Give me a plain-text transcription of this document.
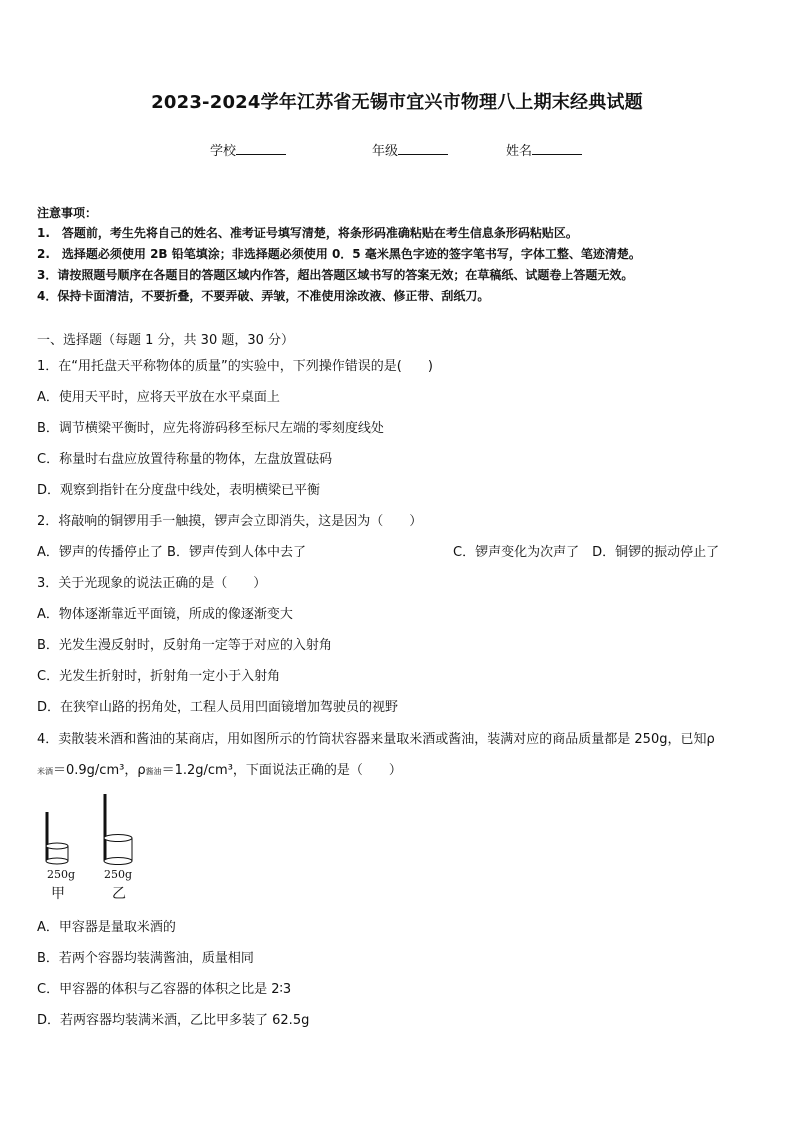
2023-2024学年江苏省无锡市宜兴市物理八上期末经典试题
学校	年级	姓名
注意事项：
1.　答题前，考生先将自己的姓名、准考证号填写清楚，将条形码准确粘贴在考生信息条形码粘贴区。
2.　选择题必须使用 2B 铅笔填涂；非选择题必须使用 0．5 毫米黑色字迹的签字笔书写，字体工整、笔迹清楚。
3．请按照题号顺序在各题目的答题区域内作答，超出答题区域书写的答案无效；在草稿纸、试题卷上答题无效。
4．保持卡面清洁，不要折叠，不要弄破、弄皱，不准使用涂改液、修正带、刮纸刀。
一、选择题（每题 1 分，共 30 题，30 分）
1．在“用托盘天平称物体的质量”的实验中，下列操作错误的是(　　)
A．使用天平时，应将天平放在水平桌面上
B．调节横梁平衡时，应先将游码移至标尺左端的零刻度线处
C．称量时右盘应放置待称量的物体，左盘放置砝码
D．观察到指针在分度盘中线处，表明横梁已平衡
2．将敲响的铜锣用手一触摸，锣声会立即消失，这是因为（　　）
A．锣声的传播停止了 B．锣声传到人体中去了	C．锣声变化为次声了　D．铜锣的振动停止了
3．关于光现象的说法正确的是（　　）
A．物体逐渐靠近平面镜，所成的像逐渐变大
B．光发生漫反射时，反射角一定等于对应的入射角
C．光发生折射时，折射角一定小于入射角
D．在狭窄山路的拐角处，工程人员用凹面镜增加驾驶员的视野
4．卖散装米酒和酱油的某商店，用如图所示的竹筒状容器来量取米酒或酱油，装满对应的商品质量都是 250g，已知ρ
米酒＝0.9g/cm³，ρ酱油＝1.2g/cm³，下面说法正确的是（　　）
250g
甲
250g
乙
A．甲容器是量取米酒的
B．若两个容器均装满酱油，质量相同
C．甲容器的体积与乙容器的体积之比是 2∶3
D．若两容器均装满米酒，乙比甲多装了 62.5g
